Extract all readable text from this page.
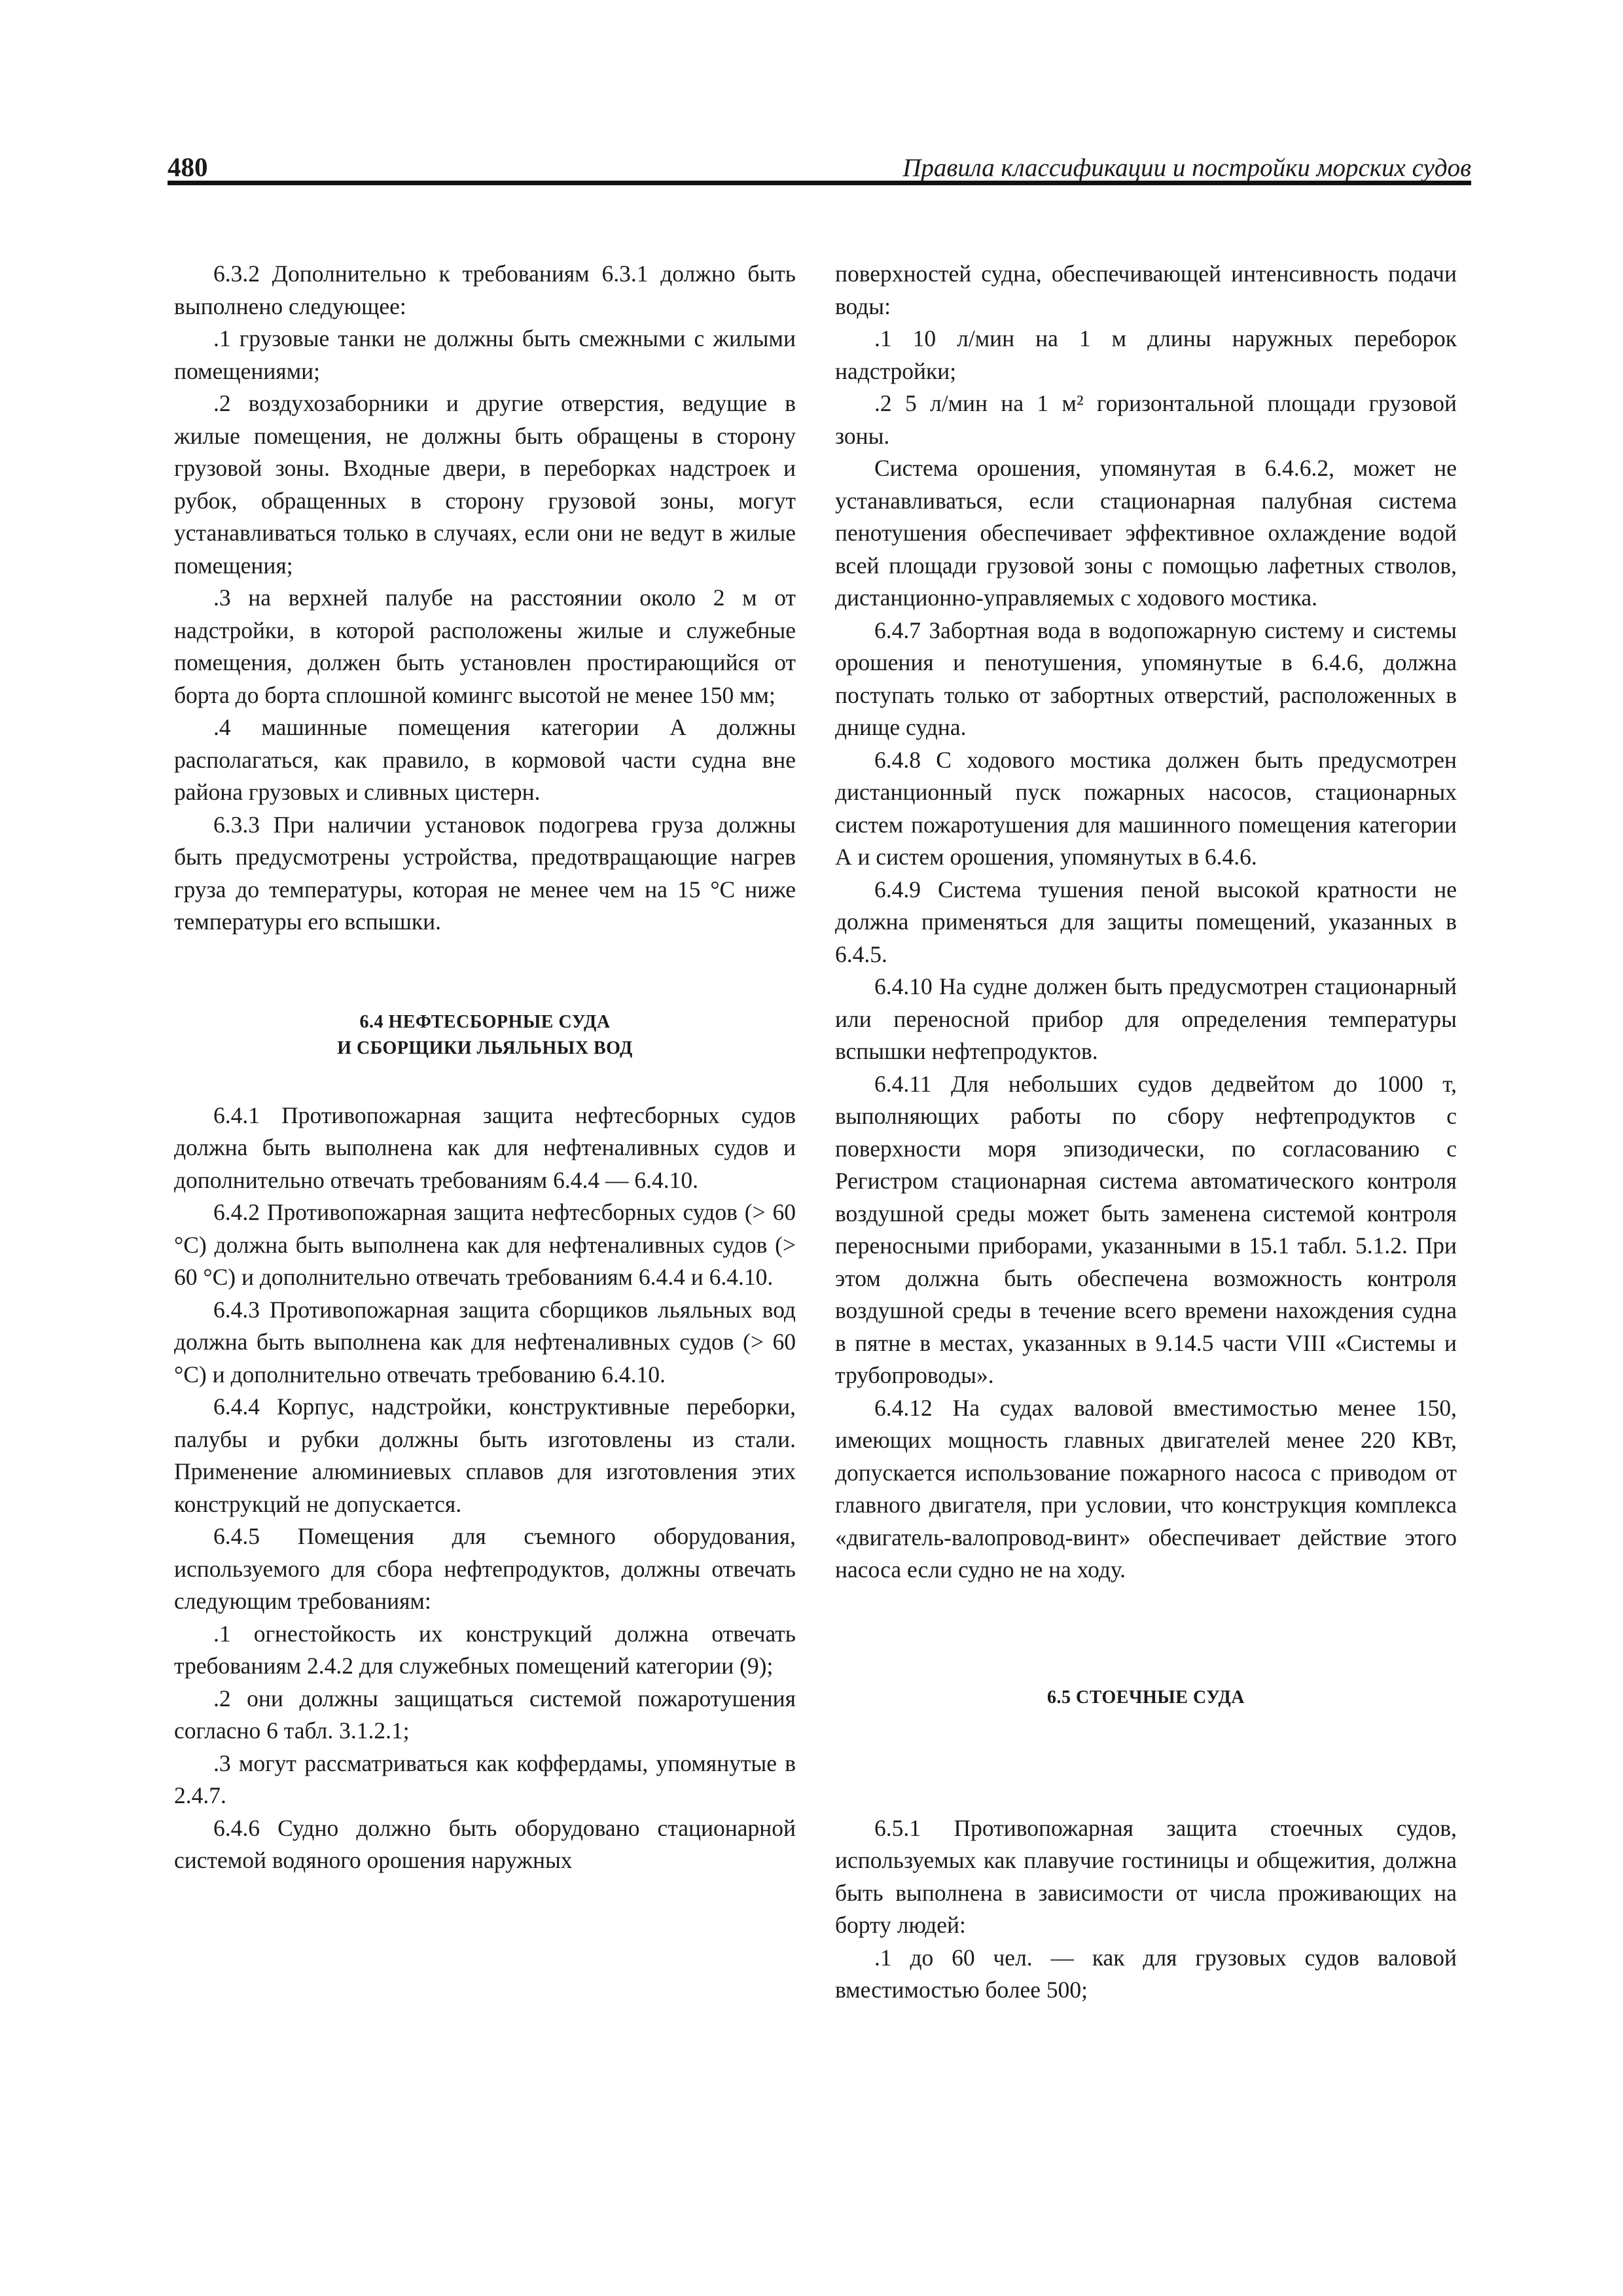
480	Правила классификации и постройки морских судов

6.3.2 Дополнительно к требованиям 6.3.1 должно быть выполнено следующее:

.1 грузовые танки не должны быть смежными с жилыми помещениями;

.2 воздухозаборники и другие отверстия, ведущие в жилые помещения, не должны быть обращены в сторону грузовой зоны. Входные двери, в переборках надстроек и рубок, обращенных в сторону грузовой зоны, могут устанавливаться только в случаях, если они не ведут в жилые помещения;

.3 на верхней палубе на расстоянии около 2 м от надстройки, в которой расположены жилые и служебные помещения, должен быть установлен простирающийся от борта до борта сплошной комингс высотой не менее 150 мм;

.4 машинные помещения категории А должны располагаться, как правило, в кормовой части судна вне района грузовых и сливных цистерн.

6.3.3 При наличии установок подогрева груза должны быть предусмотрены устройства, предотвращающие нагрев груза до температуры, которая не менее чем на 15 °С ниже температуры его вспышки.

6.4 НЕФТЕСБОРНЫЕ СУДА
И СБОРЩИКИ ЛЬЯЛЬНЫХ ВОД

6.4.1 Противопожарная защита нефтесборных судов должна быть выполнена как для нефтеналивных судов и дополнительно отвечать требованиям 6.4.4 — 6.4.10.

6.4.2 Противопожарная защита нефтесборных судов (> 60 °С) должна быть выполнена как для нефтеналивных судов (> 60 °С) и дополнительно отвечать требованиям 6.4.4 и 6.4.10.

6.4.3 Противопожарная защита сборщиков льяльных вод должна быть выполнена как для нефтеналивных судов (> 60 °С) и дополнительно отвечать требованию 6.4.10.

6.4.4 Корпус, надстройки, конструктивные переборки, палубы и рубки должны быть изготовлены из стали. Применение алюминиевых сплавов для изготовления этих конструкций не допускается.

6.4.5 Помещения для съемного оборудования, используемого для сбора нефтепродуктов, должны отвечать следующим требованиям:

.1 огнестойкость их конструкций должна отвечать требованиям 2.4.2 для служебных помещений категории (9);

.2 они должны защищаться системой пожаротушения согласно 6 табл. 3.1.2.1;

.3 могут рассматриваться как коффердамы, упомянутые в 2.4.7.

6.4.6 Судно должно быть оборудовано стационарной системой водяного орошения наружных

поверхностей судна, обеспечивающей интенсивность подачи воды:

.1 10 л/мин на 1 м длины наружных переборок надстройки;

.2 5 л/мин на 1 м² горизонтальной площади грузовой зоны.

Система орошения, упомянутая в 6.4.6.2, может не устанавливаться, если стационарная палубная система пенотушения обеспечивает эффективное охлаждение водой всей площади грузовой зоны с помощью лафетных стволов, дистанционно-управляемых с ходового мостика.

6.4.7 Забортная вода в водопожарную систему и системы орошения и пенотушения, упомянутые в 6.4.6, должна поступать только от забортных отверстий, расположенных в днище судна.

6.4.8 С ходового мостика должен быть предусмотрен дистанционный пуск пожарных насосов, стационарных систем пожаротушения для машинного помещения категории А и систем орошения, упомянутых в 6.4.6.

6.4.9 Система тушения пеной высокой кратности не должна применяться для защиты помещений, указанных в 6.4.5.

6.4.10 На судне должен быть предусмотрен стационарный или переносной прибор для определения температуры вспышки нефтепродуктов.

6.4.11 Для небольших судов дедвейтом до 1000 т, выполняющих работы по сбору нефтепродуктов с поверхности моря эпизодически, по согласованию с Регистром стационарная система автоматического контроля воздушной среды может быть заменена системой контроля переносными приборами, указанными в 15.1 табл. 5.1.2. При этом должна быть обеспечена возможность контроля воздушной среды в течение всего времени нахождения судна в пятне в местах, указанных в 9.14.5 части VIII «Системы и трубопроводы».

6.4.12 На судах валовой вместимостью менее 150, имеющих мощность главных двигателей менее 220 КВт, допускается использование пожарного насоса с приводом от главного двигателя, при условии, что конструкция комплекса «двигатель-валопровод-винт» обеспечивает действие этого насоса если судно не на ходу.

6.5 СТОЕЧНЫЕ СУДА

6.5.1 Противопожарная защита стоечных судов, используемых как плавучие гостиницы и общежития, должна быть выполнена в зависимости от числа проживающих на борту людей:

.1 до 60 чел. — как для грузовых судов валовой вместимостью более 500;
